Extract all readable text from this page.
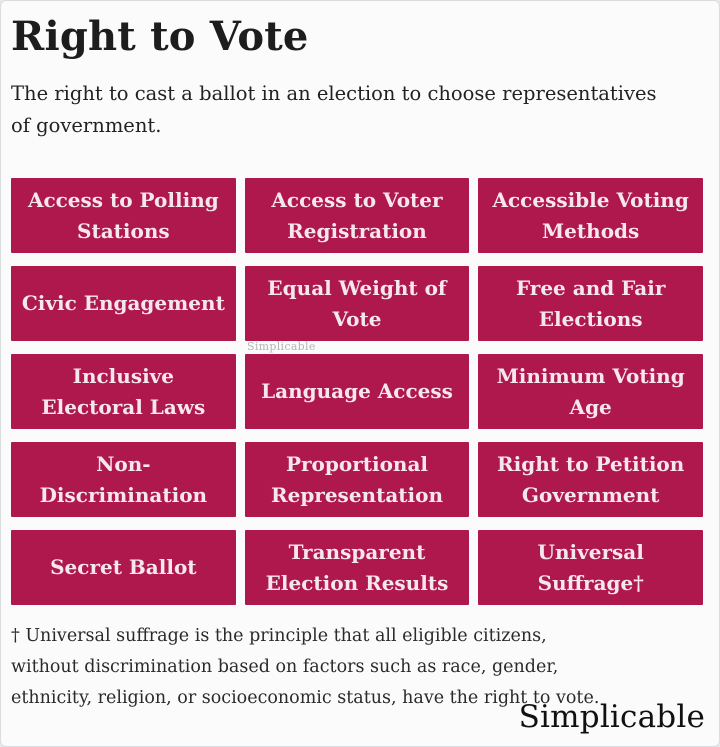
Right to Vote

The right to cast a ballot in an election to choose representatives of government.

Access to Polling Stations
Access to Voter Registration
Accessible Voting Methods
Civic Engagement
Equal Weight of Vote
Free and Fair Elections
Inclusive Electoral Laws
Language Access
Minimum Voting Age
Non-Discrimination
Proportional Representation
Right to Petition Government
Secret Ballot
Transparent Election Results
Universal Suffrage†
Simplicable

† Universal suffrage is the principle that all eligible citizens, without discrimination based on factors such as race, gender, ethnicity, religion, or socioeconomic status, have the right to vote.

Simplicable
